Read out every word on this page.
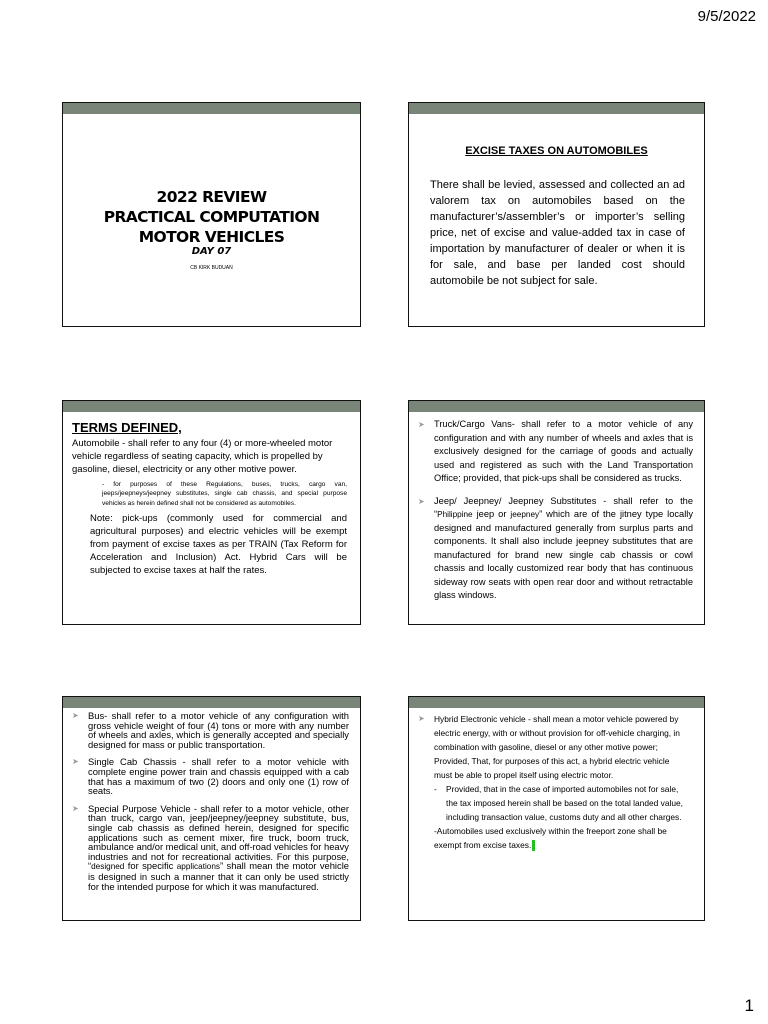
9/5/2022
2022 REVIEW
PRACTICAL COMPUTATION
MOTOR VEHICLES
DAY 07
CB KIRK BUDUAN
EXCISE TAXES ON AUTOMOBILES
There shall be levied, assessed and collected an ad valorem tax on automobiles based on the manufacturer’s/assembler’s or importer’s selling price, net of excise and value-added tax in case of importation by manufacturer of dealer or when it is for sale, and base per landed cost should automobile be not subject for sale.
TERMS DEFINED,
Automobile - shall refer to any four (4) or more-wheeled motor vehicle regardless of seating capacity, which is propelled by gasoline, diesel, electricity or any other motive power.
- for purposes of these Regulations, buses, trucks, cargo van, jeeps/jeepneys/jeepney substitutes, single cab chassis, and special purpose vehicles as herein defined shall not be considered as automobiles.
Note: pick-ups (commonly used for commercial and agricultural purposes) and electric vehicles will be exempt from payment of excise taxes as per TRAIN (Tax Reform for Acceleration and Inclusion) Act. Hybrid Cars will be subjected to excise taxes at half the rates.
➤ Truck/Cargo Vans- shall refer to a motor vehicle of any configuration and with any number of wheels and axles that is exclusively designed for the carriage of goods and actually used and registered as such with the Land Transportation Office; provided, that pick-ups shall be considered as trucks.
➤ Jeep/ Jeepney/ Jeepney Substitutes - shall refer to the “Philippine jeep or jeepney” which are of the jitney type locally designed and manufactured generally from surplus parts and components. It shall also include jeepney substitutes that are manufactured for brand new single cab chassis or cowl chassis and locally customized rear body that has continuous sideway row seats with open rear door and without retractable glass windows.
➤ Bus- shall refer to a motor vehicle of any configuration with gross vehicle weight of four (4) tons or more with any number of wheels and axles, which is generally accepted and specially designed for mass or public transportation.
➤ Single Cab Chassis - shall refer to a motor vehicle with complete engine power train and chassis equipped with a cab that has a maximum of two (2) doors and only one (1) row of seats.
➤ Special Purpose Vehicle - shall refer to a motor vehicle, other than truck, cargo van, jeep/jeepney/jeepney substitute, bus, single cab chassis as defined herein, designed for specific applications such as cement mixer, fire truck, boom truck, ambulance and/or medical unit, and off-road vehicles for heavy industries and not for recreational activities. For this purpose, “designed for specific applications” shall mean the motor vehicle is designed in such a manner that it can only be used strictly for the intended purpose for which it was manufactured.
➤ Hybrid Electronic vehicle - shall mean a motor vehicle powered by electric energy, with or without provision for off-vehicle charging, in combination with gasoline, diesel or any other motive power; Provided, That, for purposes of this act, a hybrid electric vehicle must be able to propel itself using electric motor.
- Provided, that in the case of imported automobiles not for sale, the tax imposed herein shall be based on the total landed value, including transaction value, customs duty and all other charges.
-Automobiles used exclusively within the freeport zone shall be exempt from excise taxes.
1
